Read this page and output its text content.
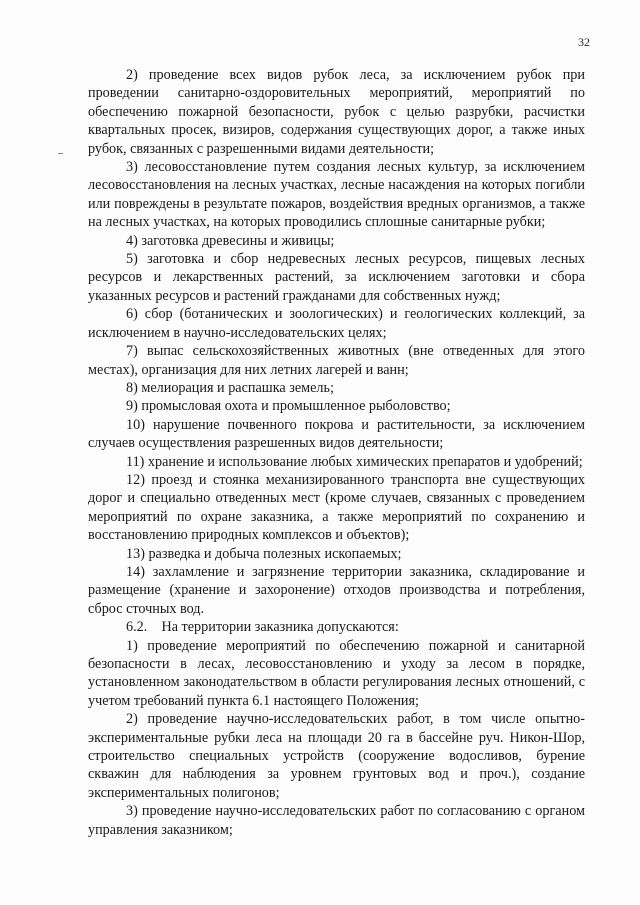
32

2) проведение всех видов рубок леса, за исключением рубок при проведении санитарно-оздоровительных мероприятий, мероприятий по обеспечению пожарной безопасности, рубок с целью разрубки, расчистки квартальных просек, визиров, содержания существующих дорог, а также иных рубок, связанных с разрешенными видами деятельности;

3) лесовосстановление путем создания лесных культур, за исключением лесовосстановления на лесных участках, лесные насаждения на которых погибли или повреждены в результате пожаров, воздействия вредных организмов, а также на лесных участках, на которых проводились сплошные санитарные рубки;

4) заготовка древесины и живицы;

5) заготовка и сбор недревесных лесных ресурсов, пищевых лесных ресурсов и лекарственных растений, за исключением заготовки и сбора указанных ресурсов и растений гражданами для собственных нужд;

6) сбор (ботанических и зоологических) и геологических коллекций, за исключением в научно-исследовательских целях;

7) выпас сельскохозяйственных животных (вне отведенных для этого местах), организация для них летних лагерей и ванн;

8) мелиорация и распашка земель;

9) промысловая охота и промышленное рыболовство;

10) нарушение почвенного покрова и растительности, за исключением случаев осуществления разрешенных видов деятельности;

11) хранение и использование любых химических препаратов и удобрений;

12) проезд и стоянка механизированного транспорта вне существующих дорог и специально отведенных мест (кроме случаев, связанных с проведением мероприятий по охране заказника, а также мероприятий по сохранению и восстановлению природных комплексов и объектов);

13) разведка и добыча полезных ископаемых;

14) захламление и загрязнение территории заказника, складирование и размещение (хранение и захоронение) отходов производства и потребления, сброс сточных вод.

6.2.    На территории заказника допускаются:

1) проведение мероприятий по обеспечению пожарной и санитарной безопасности в лесах, лесовосстановлению и уходу за лесом в порядке, установленном законодательством в области регулирования лесных отношений, с учетом требований пункта 6.1 настоящего Положения;

2) проведение научно-исследовательских работ, в том числе опытно-экспериментальные рубки леса на площади 20 га в бассейне руч. Никон-Шор, строительство специальных устройств (сооружение водосливов, бурение скважин для наблюдения за уровнем грунтовых вод и проч.), создание экспериментальных полигонов;

3) проведение научно-исследовательских работ по согласованию с органом управления заказником;
